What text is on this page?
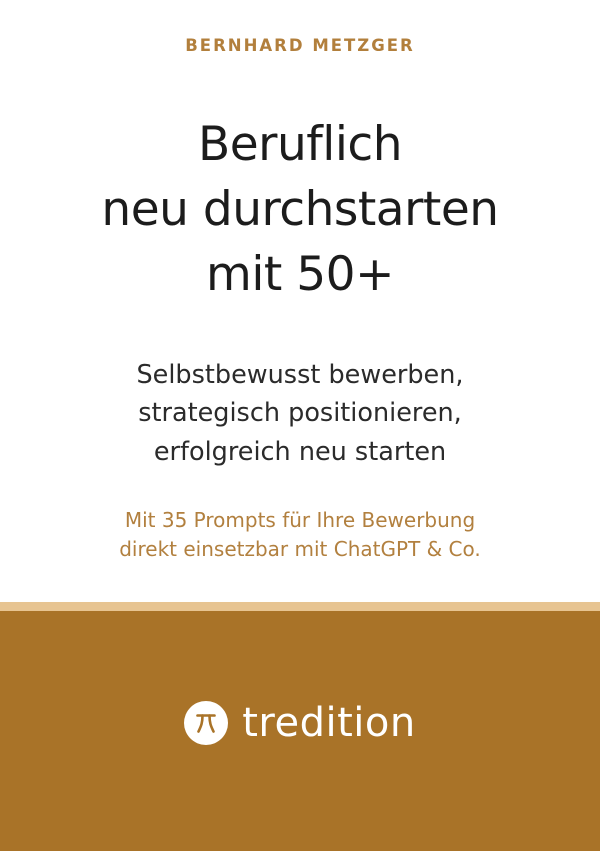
BERNHARD METZGER
Beruflich
neu durchstarten
mit 50+
Selbstbewusst bewerben,
strategisch positionieren,
erfolgreich neu starten
Mit 35 Prompts für Ihre Bewerbung
direkt einsetzbar mit ChatGPT & Co.
tredition
